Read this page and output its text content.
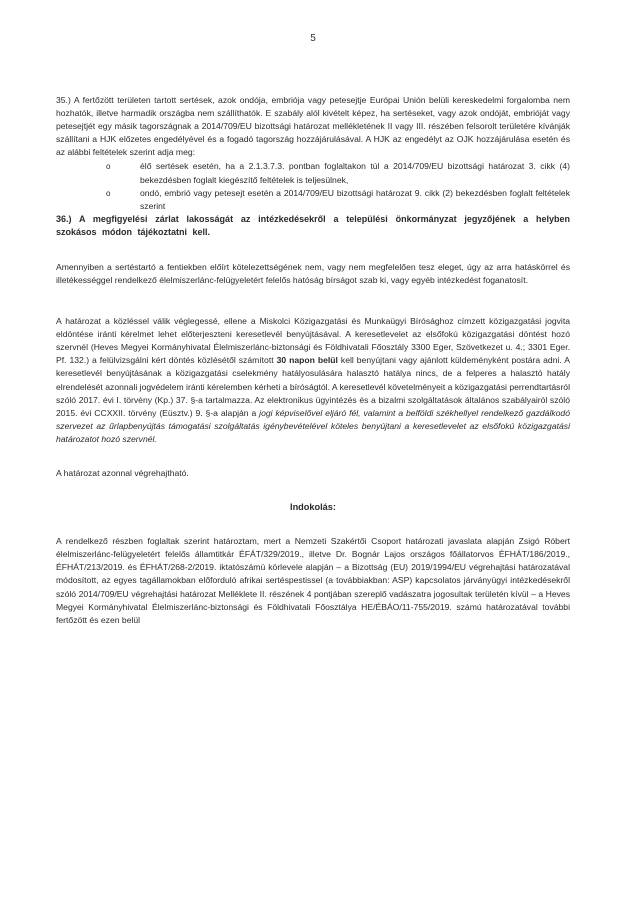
5

35.) A fertőzött területen tartott sertések, azok ondója, embriója vagy petesejtje Európai Unión belüli kereskedelmi forgalomba nem hozhatók, illetve harmadik országba nem szállíthatók. E szabály alól kivételt képez, ha sertéseket, vagy azok ondóját, embrióját vagy petesejtjét egy másik tagországnak a 2014/709/EU bizottsági határozat mellékletének II vagy III. részében felsorolt területére kívánják szállítani a HJK előzetes engedélyével és a fogadó tagország hozzájárulásával. A HJK az engedélyt az OJK hozzájárulása esetén és az alábbi feltételek szerint adja meg:

o	élő sertések esetén, ha a 2.1.3.7.3. pontban foglaltakon túl a 2014/709/EU bizottsági határozat 3. cikk (4) bekezdésben foglalt kiegészítő feltételek is teljesülnek,
o	ondó, embrió vagy petesejt esetén a 2014/709/EU bizottsági határozat 9. cikk (2) bekezdésben foglalt feltételek szerint

36.) A megfigyelési zárlat lakosságát az intézkedésekről a települési önkormányzat jegyzőjének a helyben szokásos módon tájékoztatni kell.

Amennyiben a sertéstartó a fentiekben előírt kötelezettségének nem, vagy nem megfelelően tesz eleget, úgy az arra hatáskörrel és illetékességgel rendelkező élelmiszerlánc-felügyeletért felelős hatóság bírságot szab ki, vagy egyéb intézkedést foganatosít.

A határozat a közléssel válik véglegessé, ellene a Miskolci Közigazgatási és Munkaügyi Bírósághoz címzett közigazgatási jogvita eldöntése iránti kérelmet lehet előterjeszteni keresetlevél benyújtásával. A keresetlevelet az elsőfokú közigazgatási döntést hozó szervnél (Heves Megyei Kormányhivatal Élelmiszerlánc-biztonsági és Földhivatali Főosztály 3300 Eger, Szövetkezet u. 4.; 3301 Eger. Pf. 132.) a felülvizsgálni kért döntés közlésétől számított 30 napon belül kell benyújtani vagy ajánlott küldeményként postára adni. A keresetlevél benyújtásának a közigazgatási cselekmény hatályosulására halasztó hatálya nincs, de a felperes a halasztó hatály elrendelését azonnali jogvédelem iránti kérelemben kérheti a bíróságtól. A keresetlevél követelményeit a közigazgatási perrendtartásról szóló 2017. évi I. törvény (Kp.) 37. §-a tartalmazza. Az elektronikus ügyintézés és a bizalmi szolgáltatások általános szabályairól szóló 2015. évi CCXXII. törvény (Eüsztv.) 9. §-a alapján a jogi képviselővel eljáró fél, valamint a belföldi székhellyel rendelkező gazdálkodó szervezet az űrlapbenyújtás támogatási szolgáltatás igénybevételével köteles benyújtani a keresetlevelet az elsőfokú közigazgatási határozatot hozó szervnél.

A határozat azonnal végrehajtható.

Indokolás:

A rendelkező részben foglaltak szerint határoztam, mert a Nemzeti Szakértői Csoport határozati javaslata alapján Zsigó Róbert élelmiszerlánc-felügyeletért felelős államtitkár ÉFÁT/329/2019., illetve Dr. Bognár Lajos országos főállatorvos ÉFHÁT/186/2019., ÉFHÁT/213/2019. és ÉFHÁT/268-2/2019. iktatószámú körlevele alapján – a Bizottság (EU) 2019/1994/EU végrehajtási határozatával módosított, az egyes tagállamokban előforduló afrikai sertéspestissel (a továbbiakban: ASP) kapcsolatos járványügyi intézkedésekről szóló 2014/709/EU végrehajtási határozat Melléklete II. részének 4 pontjában szereplő vadászatra jogosultak területén kívül – a Heves Megyei Kormányhivatal Élelmiszerlánc-biztonsági és Földhivatali Főosztálya HE/ÉBÁO/11-755/2019. számú határozatával további fertőzött és ezen belül
